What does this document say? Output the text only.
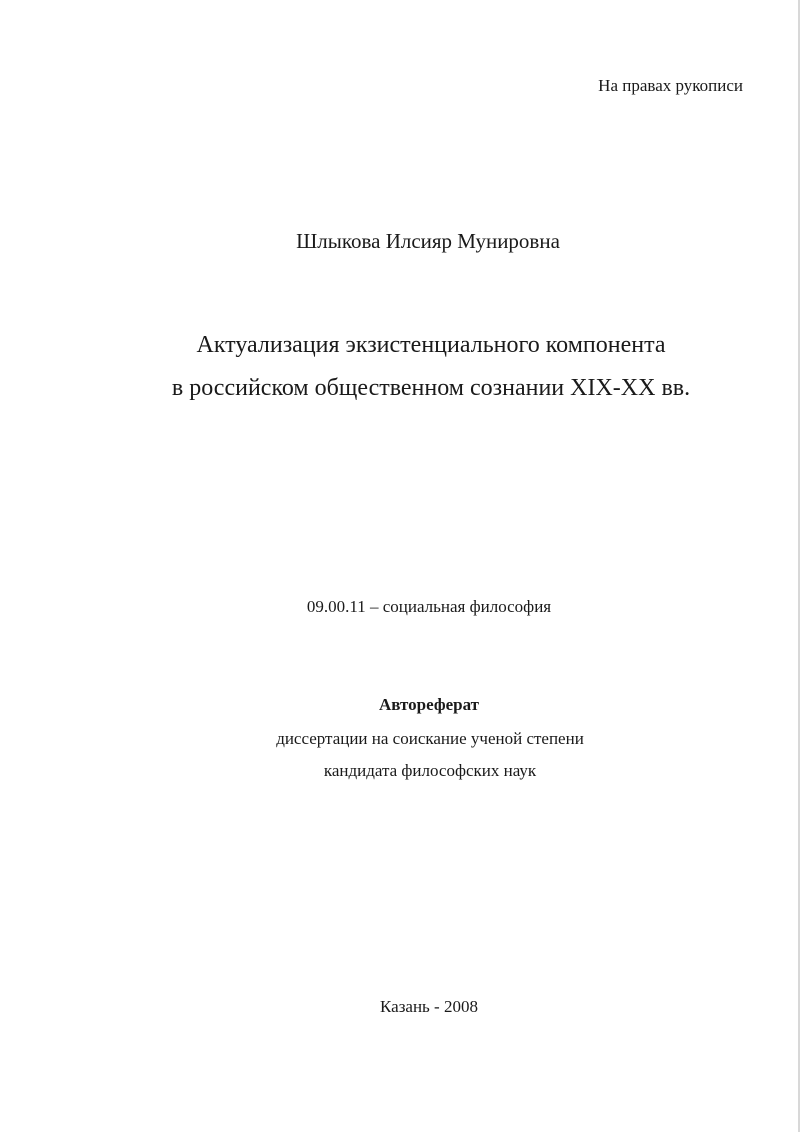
На правах рукописи
Шлыкова Илсияр Мунировна
Актуализация экзистенциального компонента
в российском общественном сознании XIX-XX вв.
09.00.11 – социальная философия
Автореферат
диссертации на соискание ученой степени
кандидата философских наук
Казань - 2008
